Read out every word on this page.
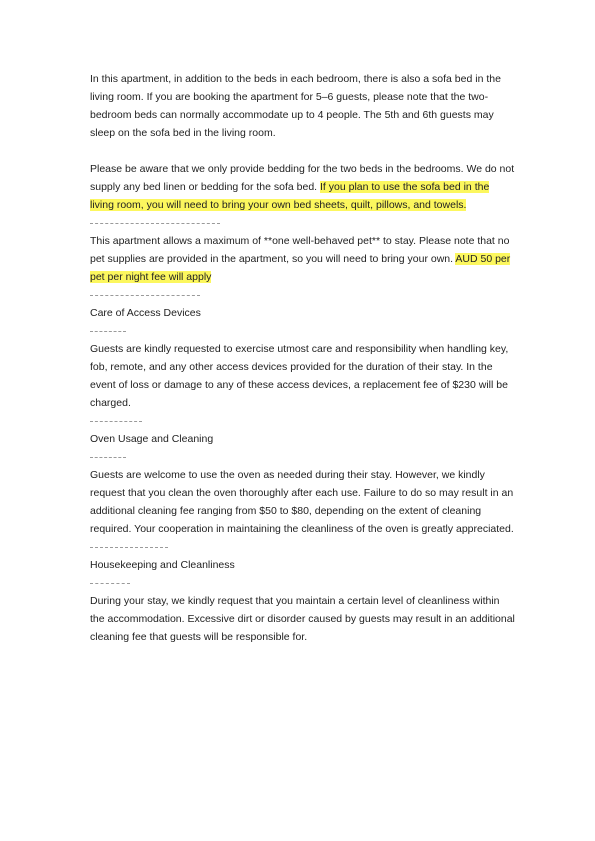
In this apartment, in addition to the beds in each bedroom, there is also a sofa bed in the living room. If you are booking the apartment for 5–6 guests, please note that the two-bedroom beds can normally accommodate up to 4 people. The 5th and 6th guests may sleep on the sofa bed in the living room.

Please be aware that we only provide bedding for the two beds in the bedrooms. We do not supply any bed linen or bedding for the sofa bed. If you plan to use the sofa bed in the living room, you will need to bring your own bed sheets, quilt, pillows, and towels.

This apartment allows a maximum of **one well-behaved pet** to stay. Please note that no pet supplies are provided in the apartment, so you will need to bring your own. AUD 50 per pet per night fee will apply

Care of Access Devices

Guests are kindly requested to exercise utmost care and responsibility when handling key, fob, remote, and any other access devices provided for the duration of their stay. In the event of loss or damage to any of these access devices, a replacement fee of $230 will be charged.

Oven Usage and Cleaning

Guests are welcome to use the oven as needed during their stay. However, we kindly request that you clean the oven thoroughly after each use. Failure to do so may result in an additional cleaning fee ranging from $50 to $80, depending on the extent of cleaning required. Your cooperation in maintaining the cleanliness of the oven is greatly appreciated.

Housekeeping and Cleanliness

During your stay, we kindly request that you maintain a certain level of cleanliness within the accommodation. Excessive dirt or disorder caused by guests may result in an additional cleaning fee that guests will be responsible for.
